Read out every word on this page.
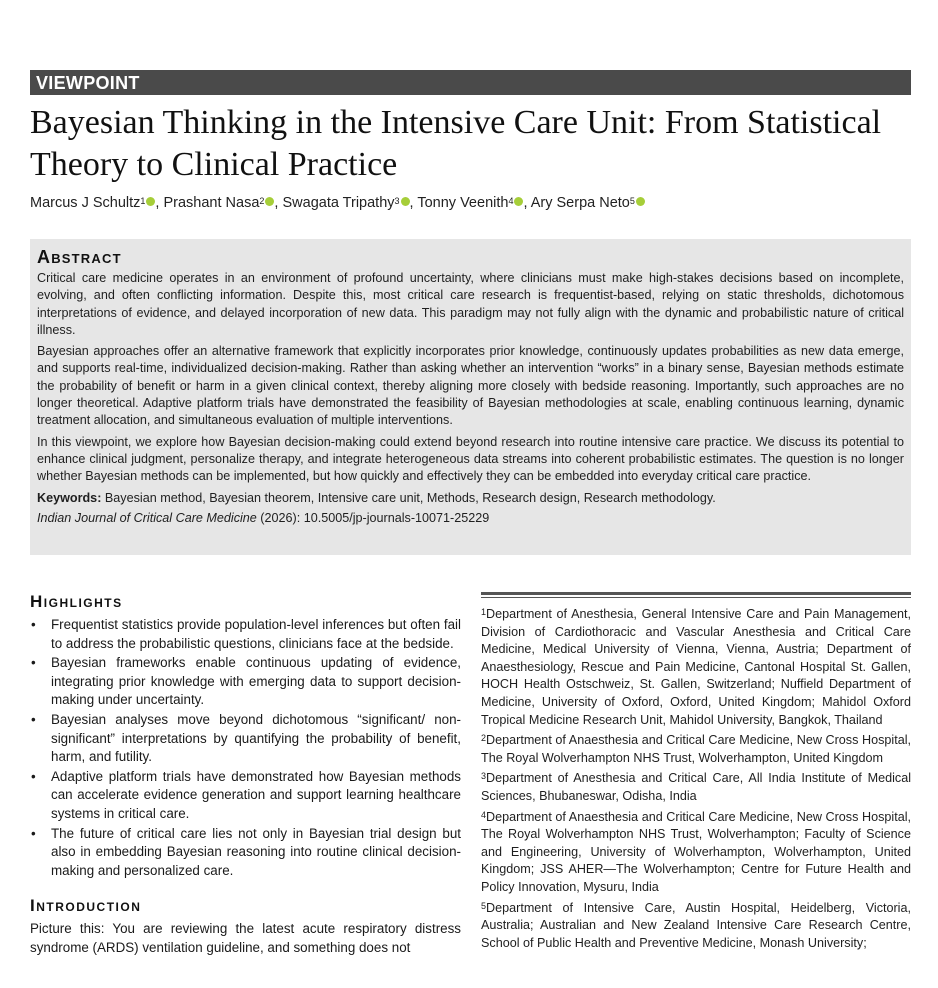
VIEWPOINT
Bayesian Thinking in the Intensive Care Unit: From Statistical Theory to Clinical Practice
Marcus J Schultz$^1$ , Prashant Nasa$^2$ , Swagata Tripathy$^3$ , Tonny Veenith$^4$ , Ary Serpa Neto$^5$
Abstract

Critical care medicine operates in an environment of profound uncertainty, where clinicians must make high-stakes decisions based on incomplete, evolving, and often conflicting information. Despite this, most critical care research is frequentist-based, relying on static thresholds, dichotomous interpretations of evidence, and delayed incorporation of new data. This paradigm may not fully align with the dynamic and probabilistic nature of critical illness.

Bayesian approaches offer an alternative framework that explicitly incorporates prior knowledge, continuously updates probabilities as new data emerge, and supports real-time, individualized decision-making. Rather than asking whether an intervention “works” in a binary sense, Bayesian methods estimate the probability of benefit or harm in a given clinical context, thereby aligning more closely with bedside reasoning. Importantly, such approaches are no longer theoretical. Adaptive platform trials have demonstrated the feasibility of Bayesian methodologies at scale, enabling continuous learning, dynamic treatment allocation, and simultaneous evaluation of multiple interventions.

In this viewpoint, we explore how Bayesian decision-making could extend beyond research into routine intensive care practice. We discuss its potential to enhance clinical judgment, personalize therapy, and integrate heterogeneous data streams into coherent probabilistic estimates. The question is no longer whether Bayesian methods can be implemented, but how quickly and effectively they can be embedded into everyday critical care practice.

Keywords: Bayesian method, Bayesian theorem, Intensive care unit, Methods, Research design, Research methodology.
Indian Journal of Critical Care Medicine (2026): 10.5005/jp-journals-10071-25229
Highlights
• Frequentist statistics provide population-level inferences but often fail to address the probabilistic questions, clinicians face at the bedside.
• Bayesian frameworks enable continuous updating of evidence, integrating prior knowledge with emerging data to support decision-making under uncertainty.
• Bayesian analyses move beyond dichotomous “significant/ non-significant” interpretations by quantifying the probability of benefit, harm, and futility.
• Adaptive platform trials have demonstrated how Bayesian methods can accelerate evidence generation and support learning healthcare systems in critical care.
• The future of critical care lies not only in Bayesian trial design but also in embedding Bayesian reasoning into routine clinical decision-making and personalized care.
Introduction

Picture this: You are reviewing the latest acute respiratory distress syndrome (ARDS) ventilation guideline, and something does not

$^1$Department of Anesthesia, General Intensive Care and Pain Management, Division of Cardiothoracic and Vascular Anesthesia and Critical Care Medicine, Medical University of Vienna, Vienna, Austria; Department of Anaesthesiology, Rescue and Pain Medicine, Cantonal Hospital St. Gallen, HOCH Health Ostschweiz, St. Gallen, Switzerland; Nuffield Department of Medicine, University of Oxford, Oxford, United Kingdom; Mahidol Oxford Tropical Medicine Research Unit, Mahidol University, Bangkok, Thailand

$^2$Department of Anaesthesia and Critical Care Medicine, New Cross Hospital, The Royal Wolverhampton NHS Trust, Wolverhampton, United Kingdom

$^3$Department of Anesthesia and Critical Care, All India Institute of Medical Sciences, Bhubaneswar, Odisha, India

$^4$Department of Anaesthesia and Critical Care Medicine, New Cross Hospital, The Royal Wolverhampton NHS Trust, Wolverhampton; Faculty of Science and Engineering, University of Wolverhampton, Wolverhampton, United Kingdom; JSS AHER—The Wolverhampton; Centre for Future Health and Policy Innovation, Mysuru, India

$^5$Department of Intensive Care, Austin Hospital, Heidelberg, Victoria, Australia; Australian and New Zealand Intensive Care Research Centre, School of Public Health and Preventive Medicine, Monash University;
